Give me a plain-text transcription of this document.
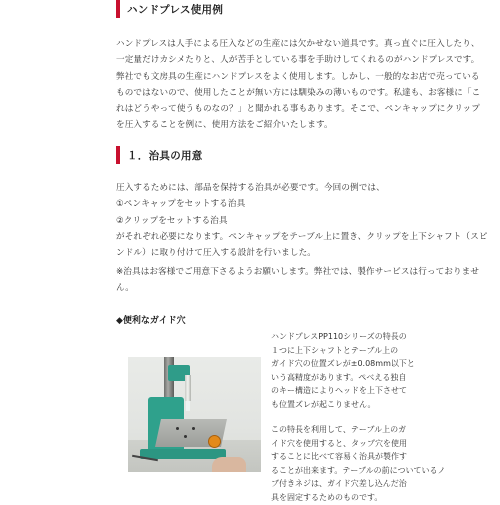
ハンドプレス使用例

ハンドプレスは人手による圧入などの生産には欠かせない道具です。真っ直ぐに圧入したり、
一定量だけカシメたりと、人が苦手としている事を手助けしてくれるのがハンドプレスです。
弊社でも文房具の生産にハンドプレスをよく使用します。しかし、一般的なお店で売っている
ものではないので、使用したことが無い方には馴染みの薄いものです。私達も、お客様に「こ
れはどうやって使うものなの？」と聞かれる事もあります。そこで、ペンキャップにクリップ
を圧入することを例に、使用方法をご紹介いたします。

１．治具の用意

圧入するためには、部品を保持する治具が必要です。今回の例では、
①ペンキャップをセットする治具
②クリップをセットする治具
がそれぞれ必要になります。ペンキャップをテーブル上に置き、クリップを上下シャフト（スピ
ンドル）に取り付けて圧入する設計を行いました。

※治具はお客様でご用意下さるようお願いします。弊社では、製作サービスは行っておりませ
ん。

◆便利なガイド穴

ハンドプレスPP110シリーズの特長の
１つに上下シャフトとテーブル上の
ガイド穴の位置ズレが±0.08mm以下と
いう高精度があります。ぺべえる独自
のキー構造によりヘッドを上下させて
も位置ズレが起こりません。

この特長を利用して、テーブル上のガ
イド穴を使用すると、タップ穴を使用
することに比べて容易く治具が製作す
ることが出来ます。テーブルの前についているノ
ブ付きネジは、ガイド穴差し込んだ治
具を固定するためのものです。
